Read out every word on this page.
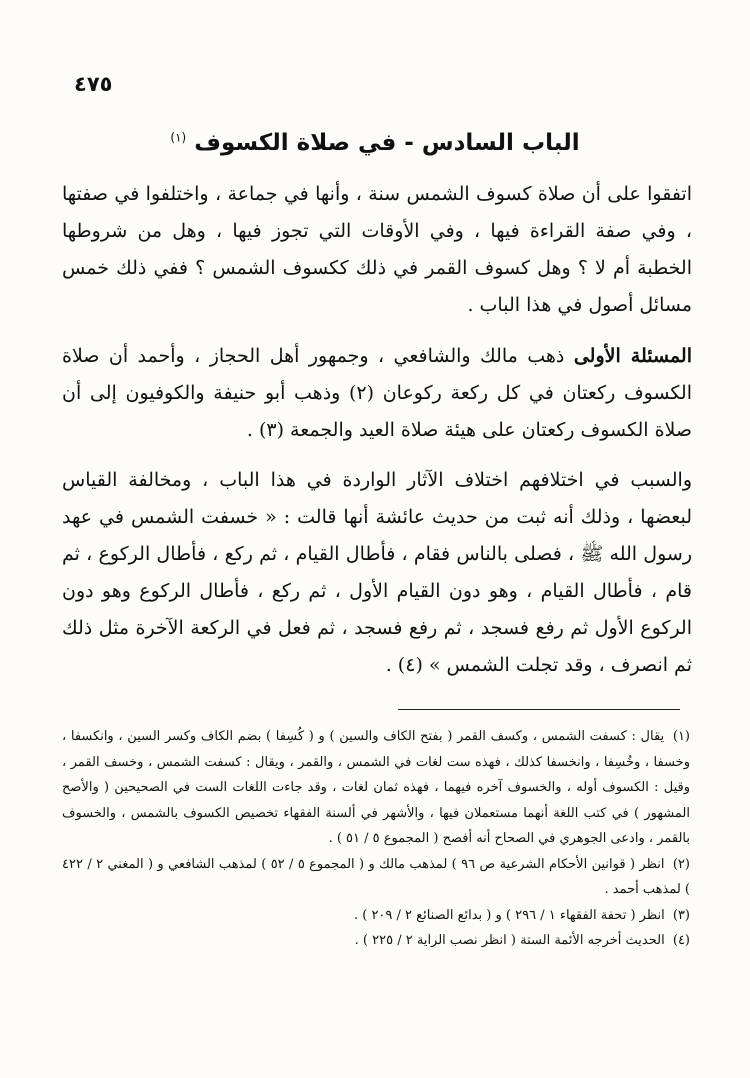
٤٧٥
الباب السادس - في صلاة الكسوف $^{(١)}$
اتفقوا على أن صلاة كسوف الشمس سنة ، وأنها في جماعة ، واختلفوا في صفتها ، وفي صفة القراءة فيها ، وفي الأوقات التي تجوز فيها ، وهل من شروطها الخطبة أم لا ؟ وهل كسوف القمر في ذلك ككسوف الشمس ؟ ففي ذلك خمس مسائل أصول في هذا الباب .
المسئلة الأولى ذهب مالك والشافعي ، وجمهور أهل الحجاز ، وأحمد أن صلاة الكسوف ركعتان في كل ركعة ركوعان (٢) وذهب أبو حنيفة والكوفيون إلى أن صلاة الكسوف ركعتان على هيئة صلاة العيد والجمعة (٣) .
والسبب في اختلافهم اختلاف الآثار الواردة في هذا الباب ، ومخالفة القياس لبعضها ، وذلك أنه ثبت من حديث عائشة أنها قالت : « خسفت الشمس في عهد رسول الله ﷺ ، فصلى بالناس فقام ، فأطال القيام ، ثم ركع ، فأطال الركوع ، ثم قام ، فأطال القيام ، وهو دون القيام الأول ، ثم ركع ، فأطال الركوع وهو دون الركوع الأول ثم رفع فسجد ، ثم رفع فسجد ، ثم فعل في الركعة الآخرة مثل ذلك ثم انصرف ، وقد تجلت الشمس » (٤) .
(١) يقال : كسفت الشمس ، وكسف القمر ( بفتح الكاف والسين ) و ( كُسِفا ) بضم الكاف وكسر السين ، وانكسفا ، وخسفا ، وخُسِفا ، وانخسفا كذلك ، فهذه ست لغات في الشمس ، والقمر ، ويقال : كسفت الشمس ، وخسف القمر ، وقيل : الكسوف أوله ، والخسوف آخره فيهما ، فهذه ثمان لغات ، وقد جاءت اللغات الست في الصحيحين ( والأصح المشهور ) في كتب اللغة أنهما مستعملان فيها ، والأشهر في ألسنة الفقهاء تخصيص الكسوف بالشمس ، والخسوف بالقمر ، وادعى الجوهري في الصحاح أنه أفصح ( المجموع ٥ / ٥١ ) .
(٢) انظر ( قوانين الأحكام الشرعية ص ٩٦ ) لمذهب مالك و ( المجموع ٥ / ٥٢ ) لمذهب الشافعي و ( المغني ٢ / ٤٢٢ ) لمذهب أحمد .
(٣) انظر ( تحفة الفقهاء ١ / ٢٩٦ ) و ( بدائع الصنائع ٢ / ٢٠٩ ) .
(٤) الحديث أخرجه الأئمة الستة ( انظر نصب الراية ٢ / ٢٢٥ ) .
